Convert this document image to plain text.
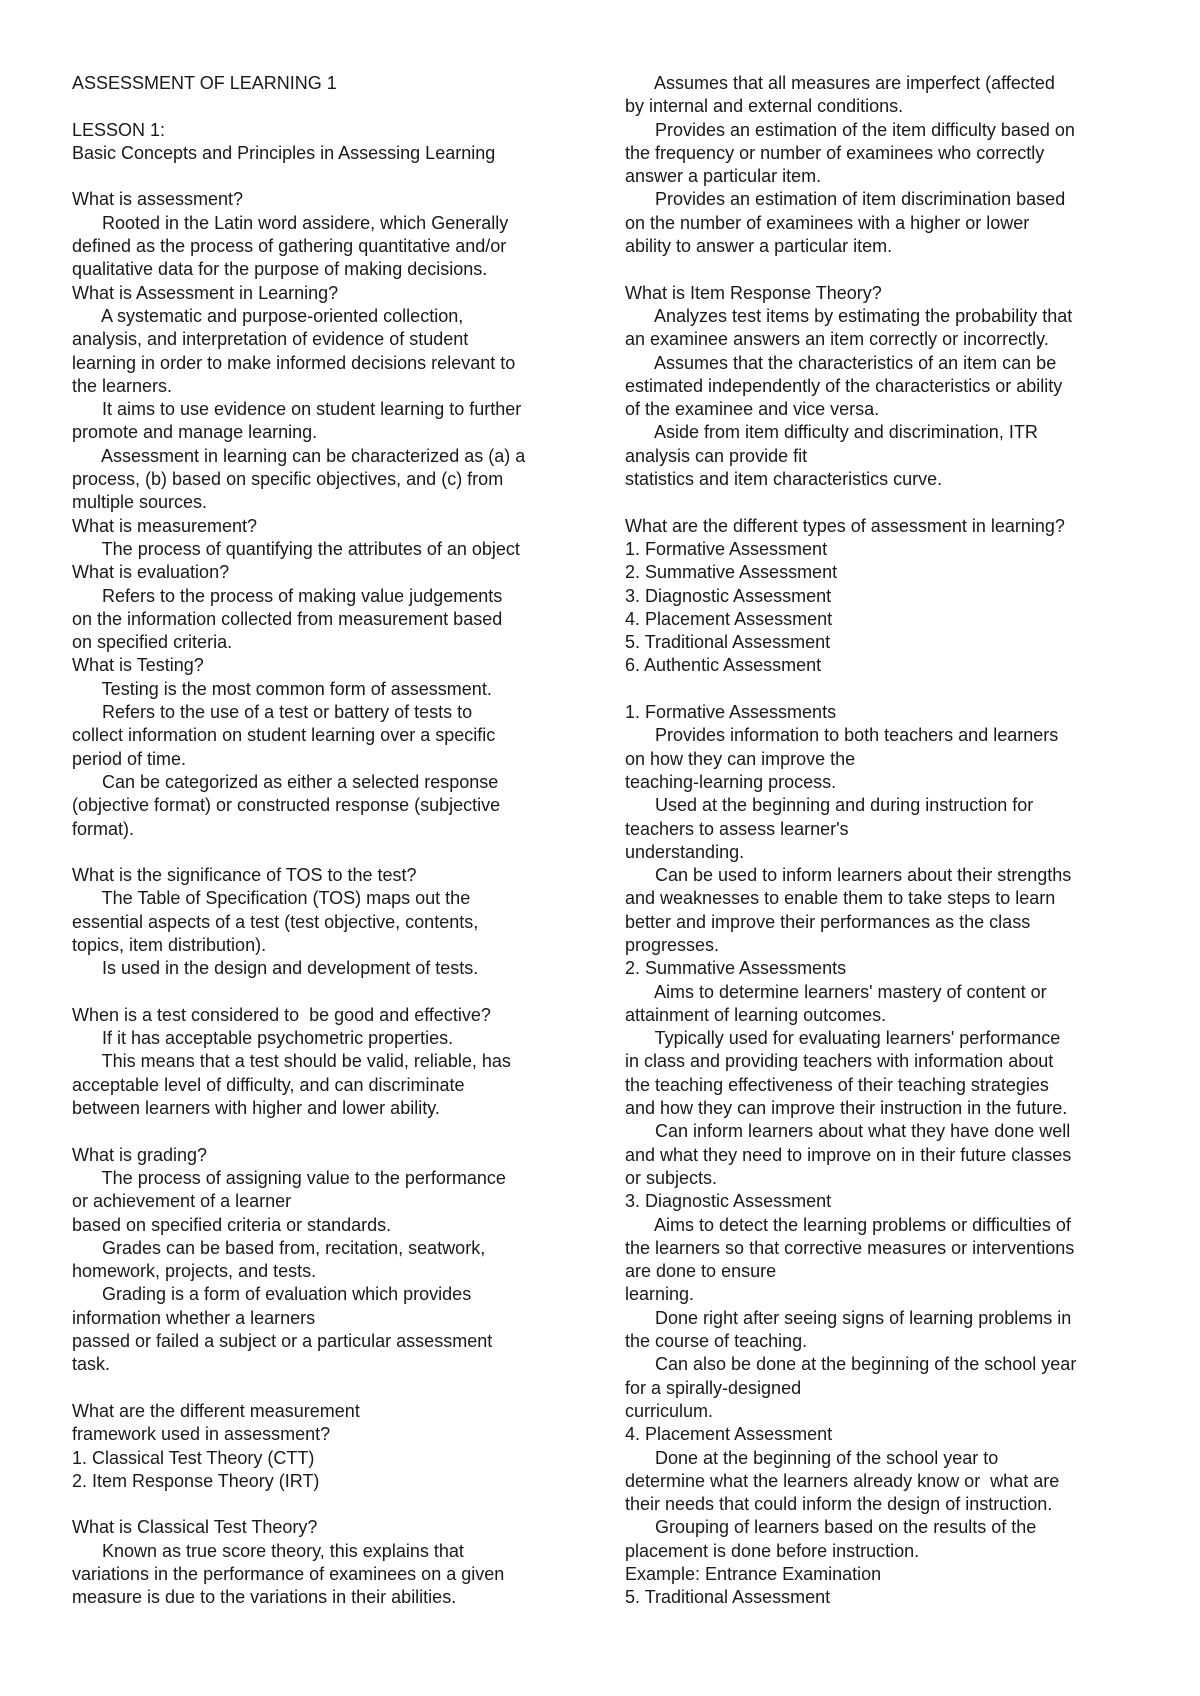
ASSESSMENT OF LEARNING 1
LESSON 1:
Basic Concepts and Principles in Assessing Learning
What is assessment?
Rooted in the Latin word assidere, which Generally
defined as the process of gathering quantitative and/or
qualitative data for the purpose of making decisions.
What is Assessment in Learning?
A systematic and purpose-oriented collection,
analysis, and interpretation of evidence of student
learning in order to make informed decisions relevant to
the learners.
It aims to use evidence on student learning to further
promote and manage learning.
Assessment in learning can be characterized as (a) a
process, (b) based on specific objectives, and (c) from
multiple sources.
What is measurement?
The process of quantifying the attributes of an object
What is evaluation?
Refers to the process of making value judgements
on the information collected from measurement based
on specified criteria.
What is Testing?
Testing is the most common form of assessment.
Refers to the use of a test or battery of tests to
collect information on student learning over a specific
period of time.
Can be categorized as either a selected response
(objective format) or constructed response (subjective
format).
What is the significance of TOS to the test?
The Table of Specification (TOS) maps out the
essential aspects of a test (test objective, contents,
topics, item distribution).
Is used in the design and development of tests.
When is a test considered to  be good and effective?
If it has acceptable psychometric properties.
This means that a test should be valid, reliable, has
acceptable level of difficulty, and can discriminate
between learners with higher and lower ability.
What is grading?
The process of assigning value to the performance
or achievement of a learner
based on specified criteria or standards.
Grades can be based from, recitation, seatwork,
homework, projects, and tests.
Grading is a form of evaluation which provides
information whether a learners
passed or failed a subject or a particular assessment
task.
What are the different measurement
framework used in assessment?
1. Classical Test Theory (CTT)
2. Item Response Theory (IRT)
What is Classical Test Theory?
Known as true score theory, this explains that
variations in the performance of examinees on a given
measure is due to the variations in their abilities.
Assumes that all measures are imperfect (affected
by internal and external conditions.
Provides an estimation of the item difficulty based on
the frequency or number of examinees who correctly
answer a particular item.
Provides an estimation of item discrimination based
on the number of examinees with a higher or lower
ability to answer a particular item.
What is Item Response Theory?
Analyzes test items by estimating the probability that
an examinee answers an item correctly or incorrectly.
Assumes that the characteristics of an item can be
estimated independently of the characteristics or ability
of the examinee and vice versa.
Aside from item difficulty and discrimination, ITR
analysis can provide fit
statistics and item characteristics curve.
What are the different types of assessment in learning?
1. Formative Assessment
2. Summative Assessment
3. Diagnostic Assessment
4. Placement Assessment
5. Traditional Assessment
6. Authentic Assessment
1. Formative Assessments
Provides information to both teachers and learners
on how they can improve the
teaching-learning process.
Used at the beginning and during instruction for
teachers to assess learner's
understanding.
Can be used to inform learners about their strengths
and weaknesses to enable them to take steps to learn
better and improve their performances as the class
progresses.
2. Summative Assessments
Aims to determine learners' mastery of content or
attainment of learning outcomes.
Typically used for evaluating learners' performance
in class and providing teachers with information about
the teaching effectiveness of their teaching strategies
and how they can improve their instruction in the future.
Can inform learners about what they have done well
and what they need to improve on in their future classes
or subjects.
3. Diagnostic Assessment
Aims to detect the learning problems or difficulties of
the learners so that corrective measures or interventions
are done to ensure
learning.
Done right after seeing signs of learning problems in
the course of teaching.
Can also be done at the beginning of the school year
for a spirally-designed
curriculum.
4. Placement Assessment
Done at the beginning of the school year to
determine what the learners already know or  what are
their needs that could inform the design of instruction.
Grouping of learners based on the results of the
placement is done before instruction.
Example: Entrance Examination
5. Traditional Assessment
